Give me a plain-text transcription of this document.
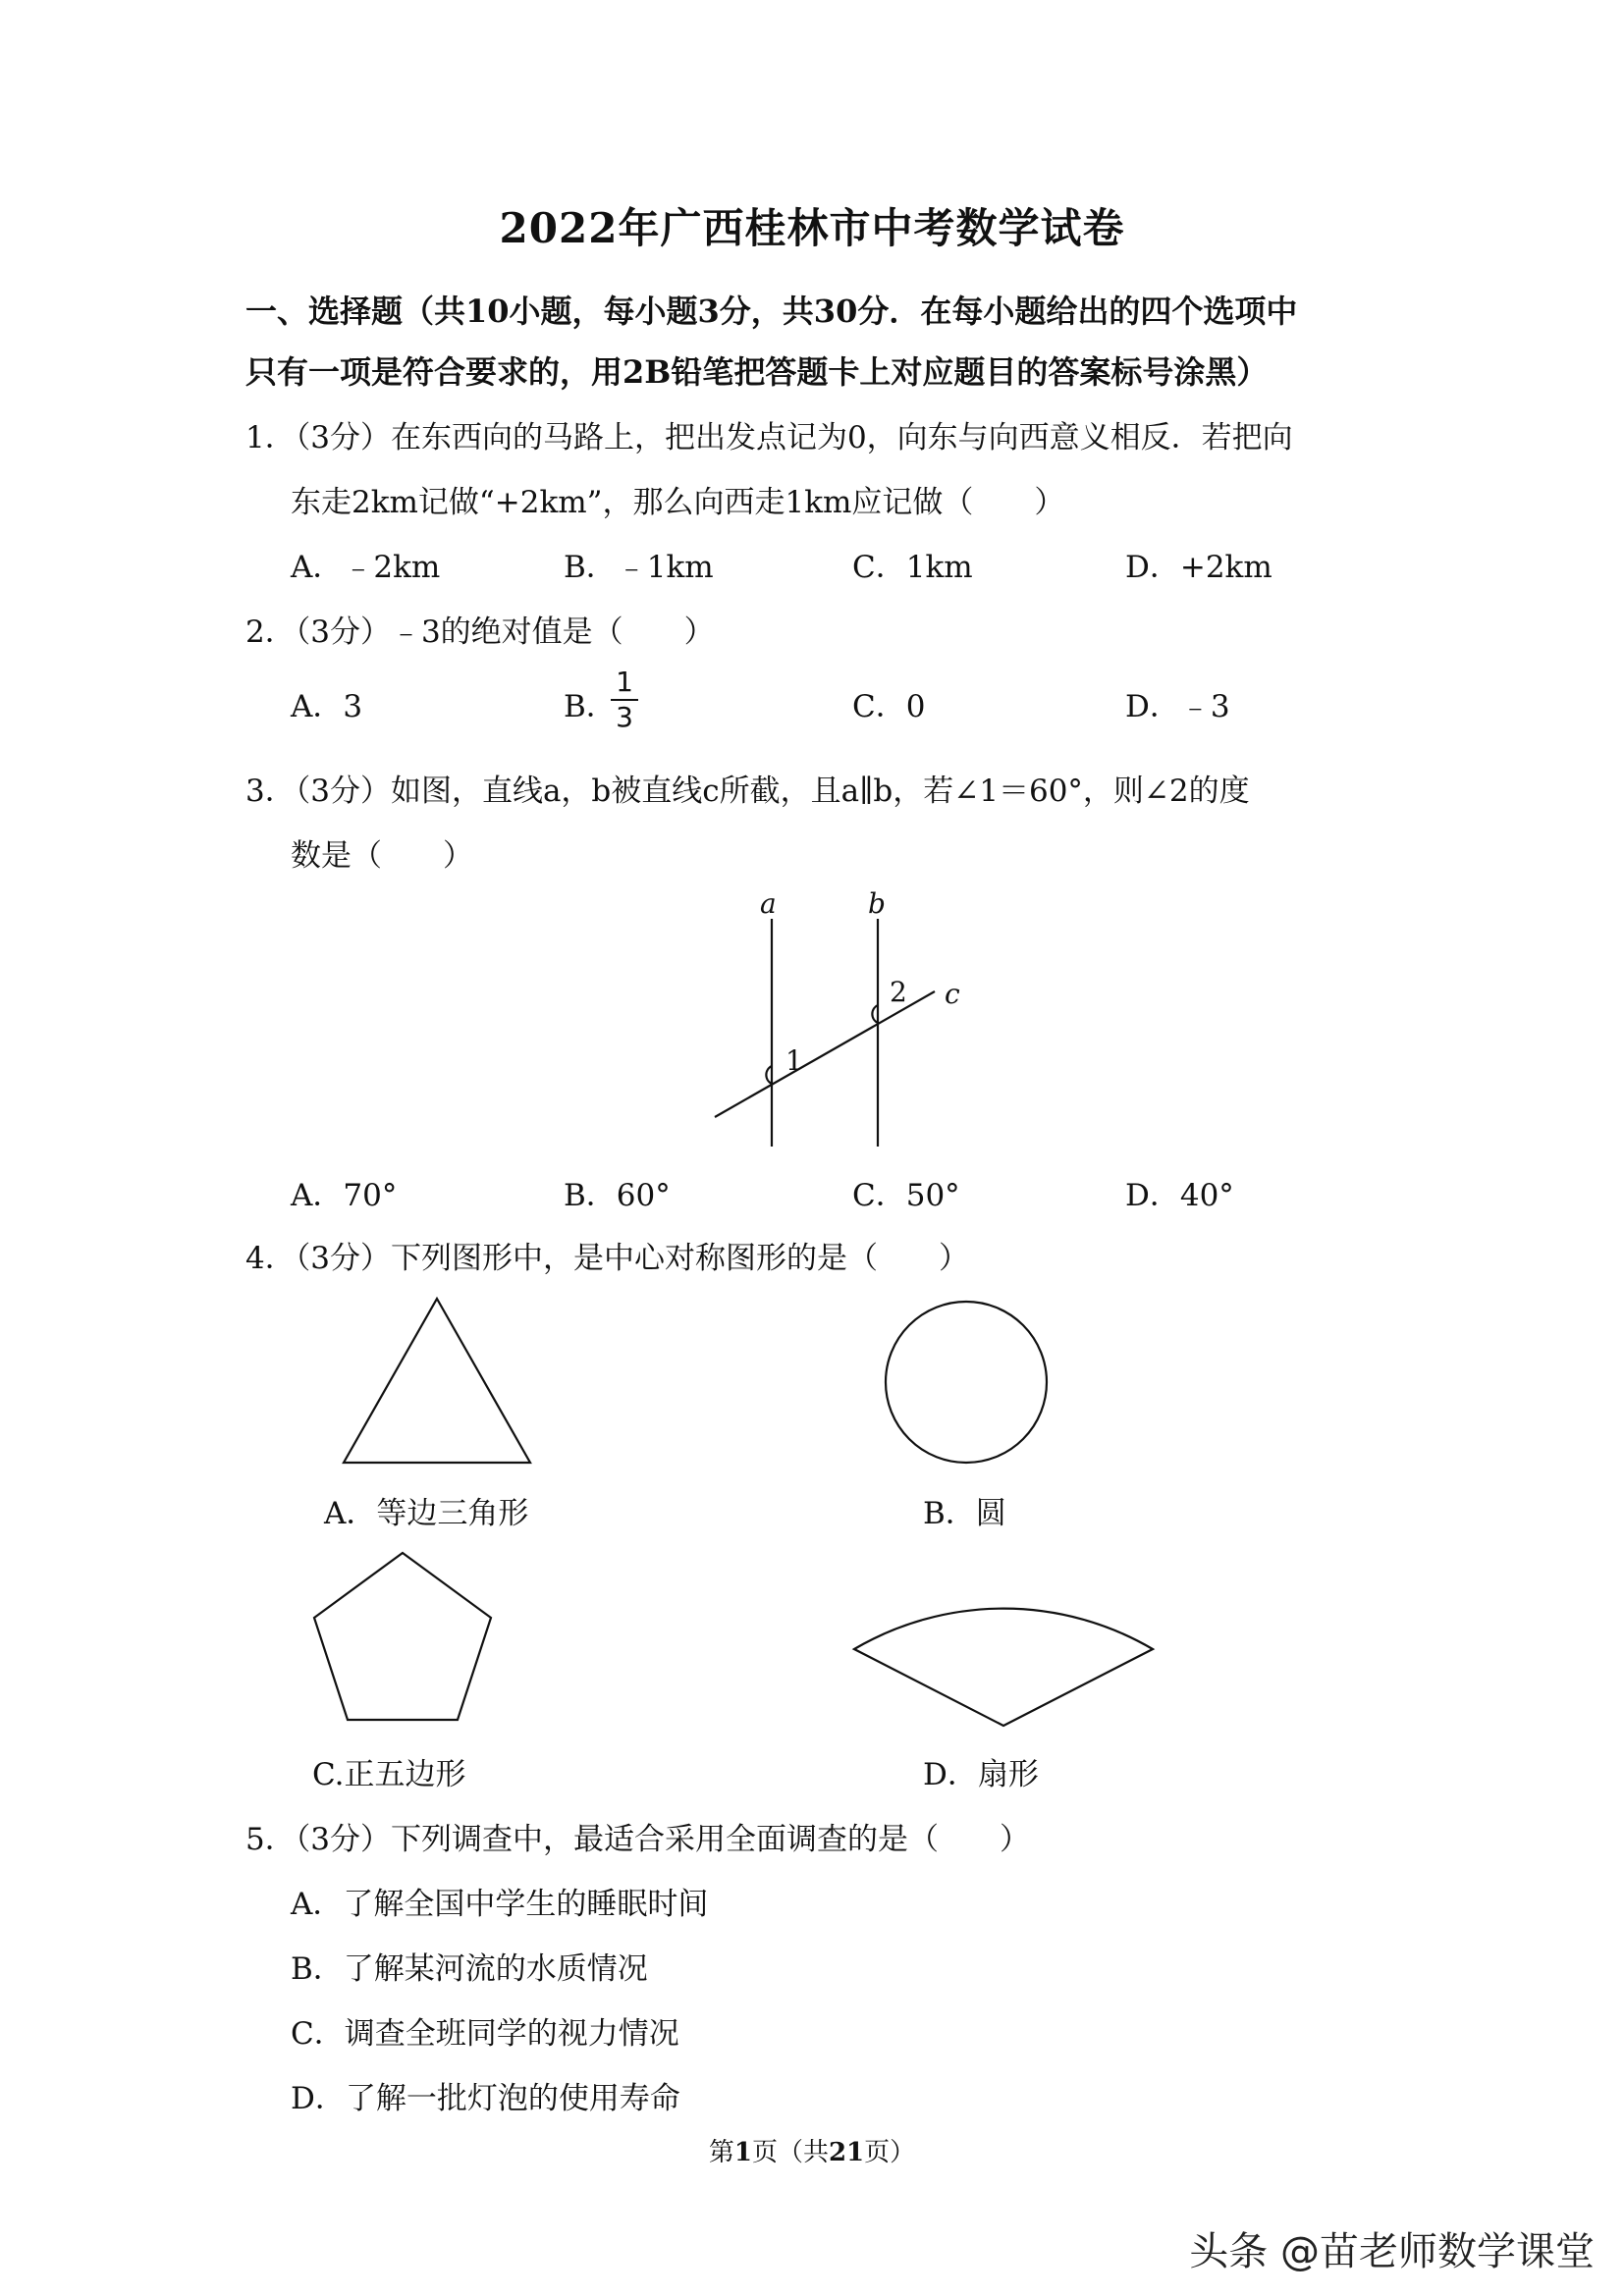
2022年广西桂林市中考数学试卷
一、选择题（共10小题，每小题3分，共30分．在每小题给出的四个选项中
只有一项是符合要求的，用2B铅笔把答题卡上对应题目的答案标号涂黑）
1．（3分）在东西向的马路上，把出发点记为0，向东与向西意义相反．若把向
东走2km记做“+2km”，那么向西走1km应记做（　　）
A．﹣2km	B．﹣1km	C．1km	D．+2km
2．（3分）﹣3的绝对值是（　　）
A．3	B．
1
3	C．0	D．﹣3
3．（3分）如图，直线a，b被直线c所截，且a∥b，若∠1＝60°，则∠2的度
数是（　　）
a	b
c
1
2
A．70°	B．60°	C．50°	D．40°
4．（3分）下列图形中，是中心对称图形的是（　　）
A．等边三角形	B．圆
C.正五边形	D．扇形
5．（3分）下列调查中，最适合采用全面调查的是（　　）
A．了解全国中学生的睡眠时间
B．了解某河流的水质情况
C．调查全班同学的视力情况
D．了解一批灯泡的使用寿命
第1页（共21页）
头条 @苗老师数学课堂
